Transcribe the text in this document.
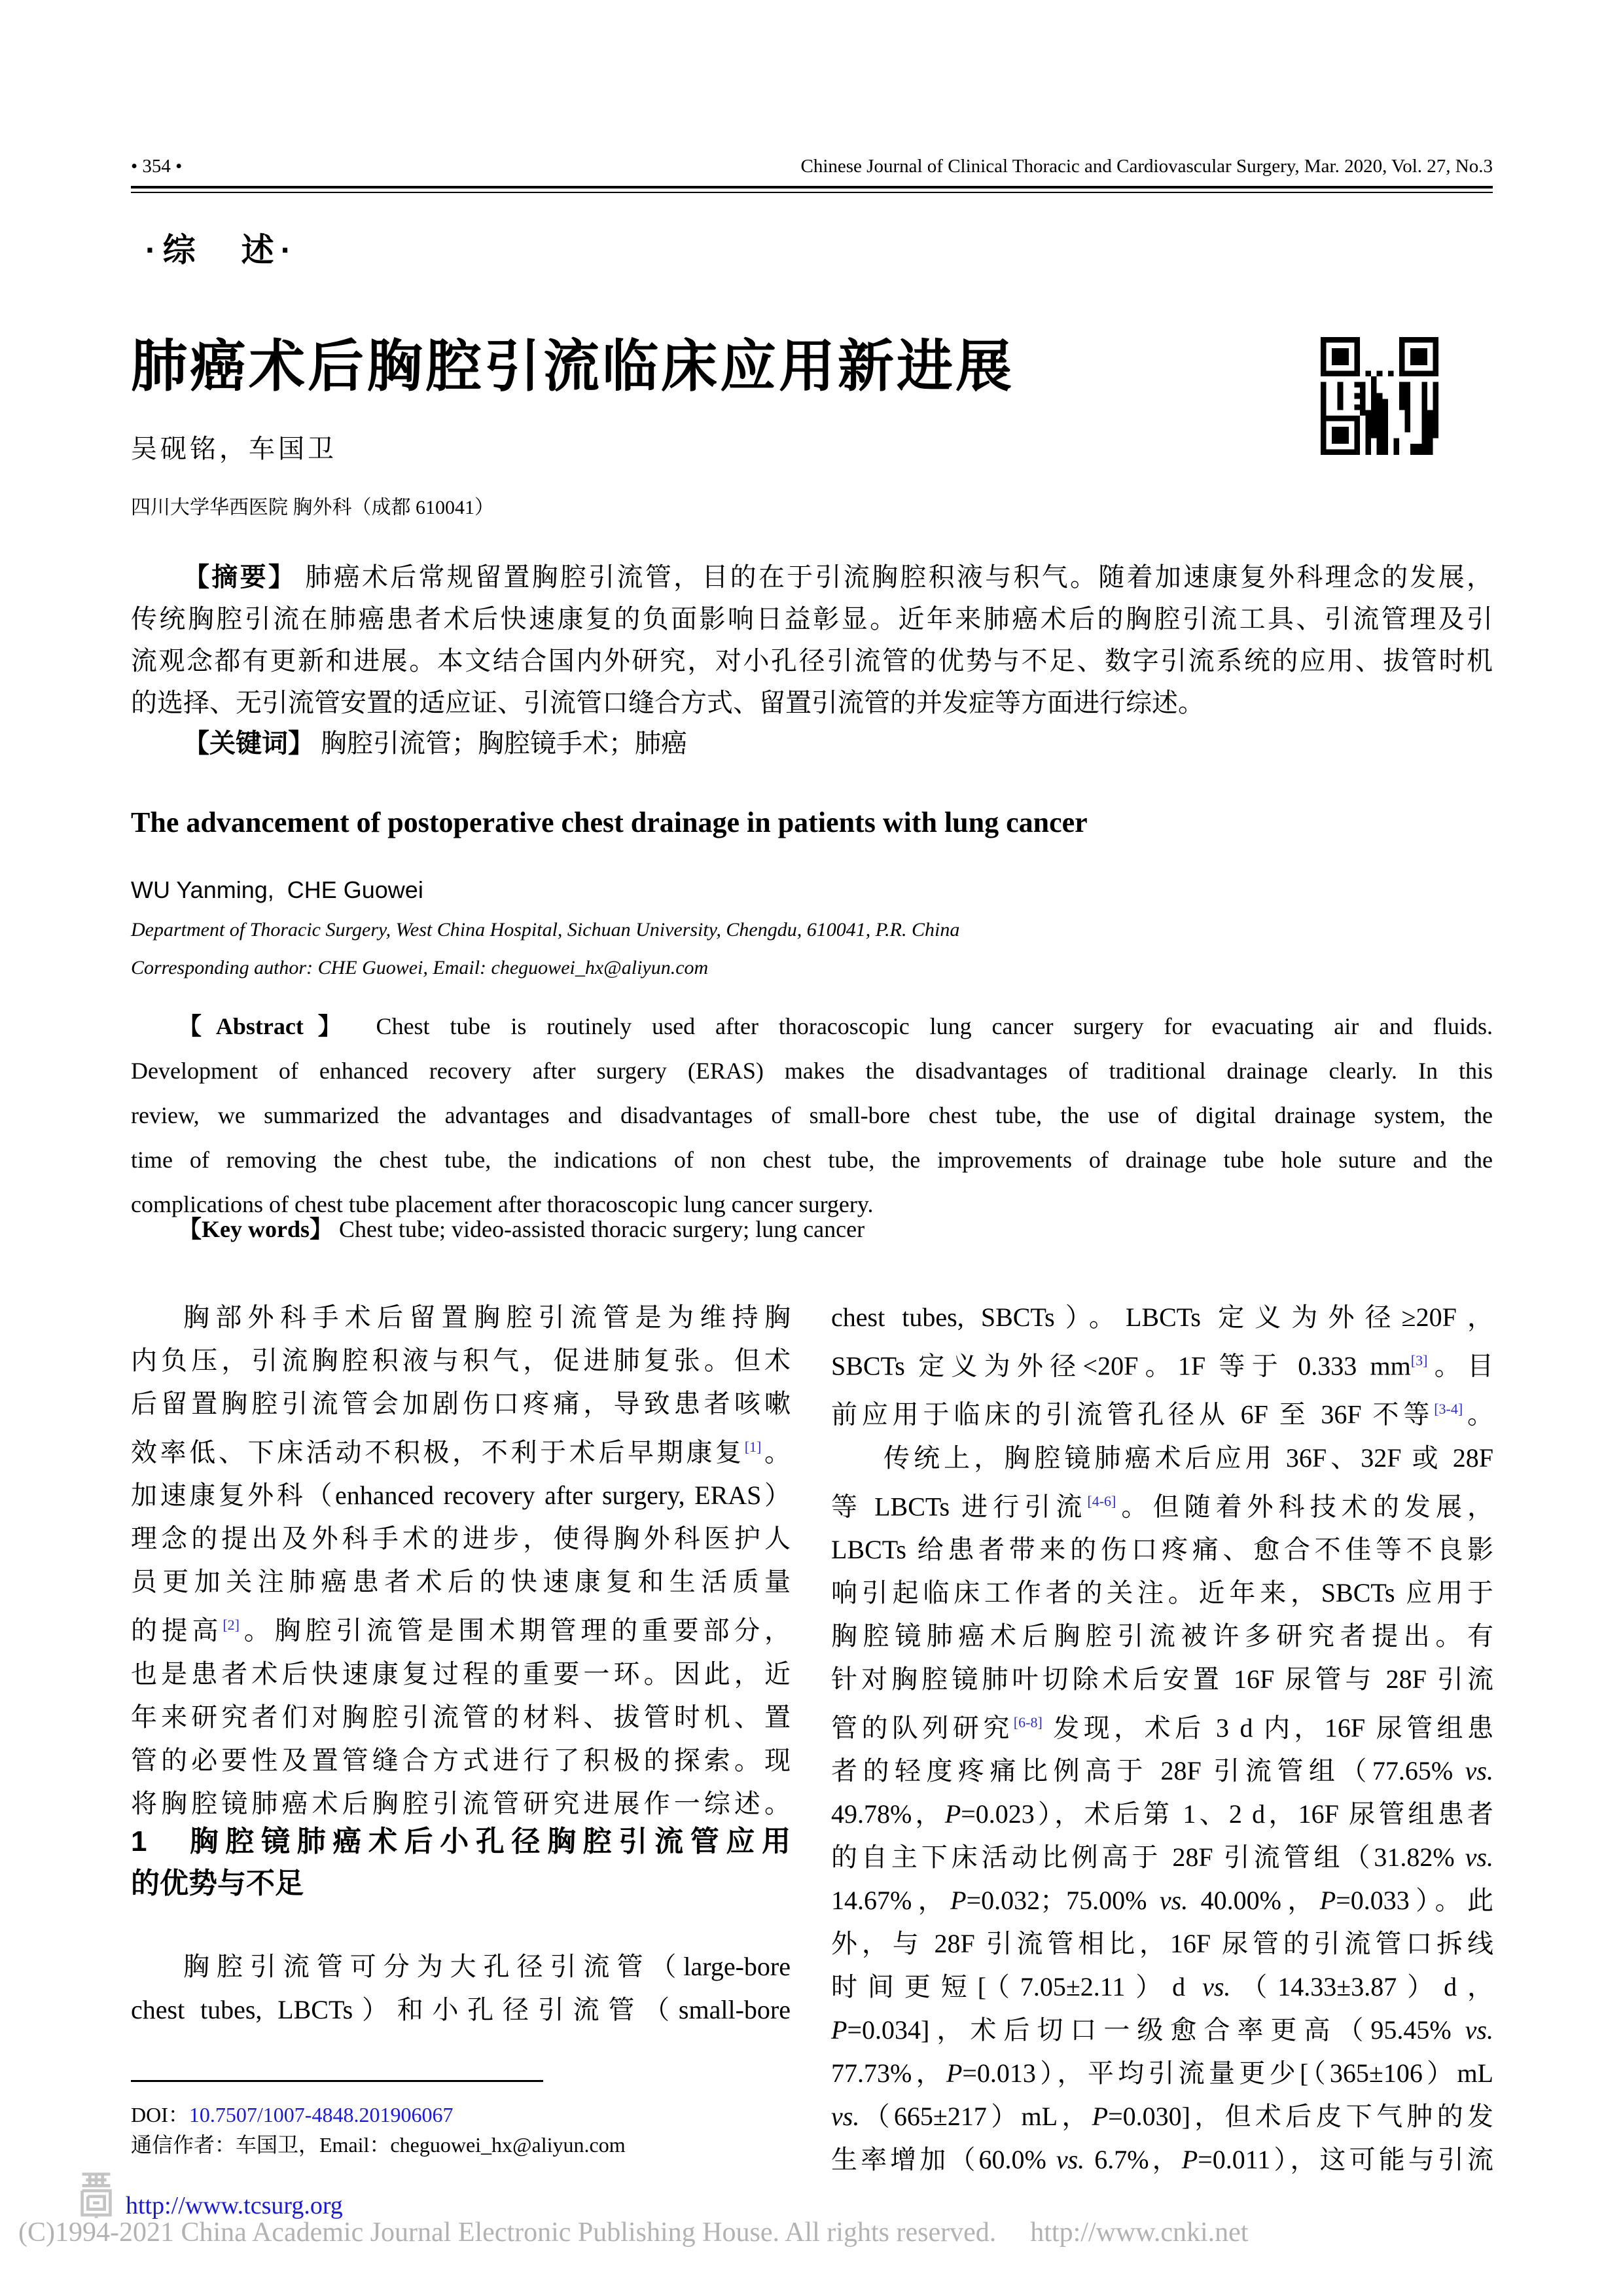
• 354 •	Chinese Journal of Clinical Thoracic and Cardiovascular Surgery, Mar. 2020, Vol. 27, No.3
·综　述·
肺癌术后胸腔引流临床应用新进展
吴砚铭，车国卫
四川大学华西医院 胸外科（成都 610041）
【摘要】 肺癌术后常规留置胸腔引流管，目的在于引流胸腔积液与积气。随着加速康复外科理念的发展，
传统胸腔引流在肺癌患者术后快速康复的负面影响日益彰显。近年来肺癌术后的胸腔引流工具、引流管理及引
流观念都有更新和进展。本文结合国内外研究，对小孔径引流管的优势与不足、数字引流系统的应用、拔管时机
的选择、无引流管安置的适应证、引流管口缝合方式、留置引流管的并发症等方面进行综述。
【关键词】 胸腔引流管；胸腔镜手术；肺癌
The advancement of postoperative chest drainage in patients with lung cancer
WU Yanming,  CHE Guowei
Department of Thoracic Surgery, West China Hospital, Sichuan University, Chengdu, 610041, P.R. China
Corresponding author: CHE Guowei, Email: cheguowei_hx@aliyun.com
【Abstract】 Chest tube is routinely used after thoracoscopic lung cancer surgery for evacuating air and fluids.
Development of enhanced recovery after surgery (ERAS) makes the disadvantages of traditional drainage clearly. In this
review, we summarized the advantages and disadvantages of small-bore chest tube, the use of digital drainage system, the
time of removing the chest tube, the indications of non chest tube, the improvements of drainage tube hole suture and the
complications of chest tube placement after thoracoscopic lung cancer surgery.
【Key words】 Chest tube; video-assisted thoracic surgery; lung cancer
胸部外科手术后留置胸腔引流管是为维持胸
内负压，引流胸腔积液与积气，促进肺复张。但术
后留置胸腔引流管会加剧伤口疼痛，导致患者咳嗽
效率低、下床活动不积极，不利于术后早期康复[1]。
加速康复外科（enhanced recovery after surgery, ERAS）
理念的提出及外科手术的进步，使得胸外科医护人
员更加关注肺癌患者术后的快速康复和生活质量
的提高[2]。胸腔引流管是围术期管理的重要部分，
也是患者术后快速康复过程的重要一环。因此，近
年来研究者们对胸腔引流管的材料、拔管时机、置
管的必要性及置管缝合方式进行了积极的探索。现
将胸腔镜肺癌术后胸腔引流管研究进展作一综述。
1　胸腔镜肺癌术后小孔径胸腔引流管应用
的优势与不足
胸腔引流管可分为大孔径引流管（large-bore
chest tubes, LBCTs）和小孔径引流管（small-bore
DOI：10.7507/1007-4848.201906067
通信作者：车国卫，Email：cheguowei_hx@aliyun.com
chest tubes, SBCTs）。LBCTs 定义为外径≥20F，
SBCTs 定义为外径<20F。1F 等于 0.333 mm[3]。目
前应用于临床的引流管孔径从 6F 至 36F 不等[3-4]。
传统上，胸腔镜肺癌术后应用 36F、32F 或 28F
等 LBCTs 进行引流[4-6]。但随着外科技术的发展，
LBCTs 给患者带来的伤口疼痛、愈合不佳等不良影
响引起临床工作者的关注。近年来，SBCTs 应用于
胸腔镜肺癌术后胸腔引流被许多研究者提出。有
针对胸腔镜肺叶切除术后安置 16F 尿管与 28F 引流
管的队列研究[6-8] 发现，术后 3 d 内，16F 尿管组患
者的轻度疼痛比例高于 28F 引流管组（77.65% vs.
49.78%，P=0.023），术后第 1、2 d，16F 尿管组患者
的自主下床活动比例高于 28F 引流管组（31.82% vs.
14.67%，P=0.032；75.00% vs. 40.00%，P=0.033）。此
外，与 28F 引流管相比，16F 尿管的引流管口拆线
时间更短[（7.05±2.11）d vs.（14.33±3.87）d，
P=0.034]，术后切口一级愈合率更高（95.45% vs.
77.73%，P=0.013），平均引流量更少[（365±106）mL
vs.（665±217）mL，P=0.030]，但术后皮下气肿的发
生率增加（60.0% vs. 6.7%，P=0.011），这可能与引流
http://www.tcsurg.org
(C)1994-2021 China Academic Journal Electronic Publishing House. All rights reserved. http://www.cnki.net
